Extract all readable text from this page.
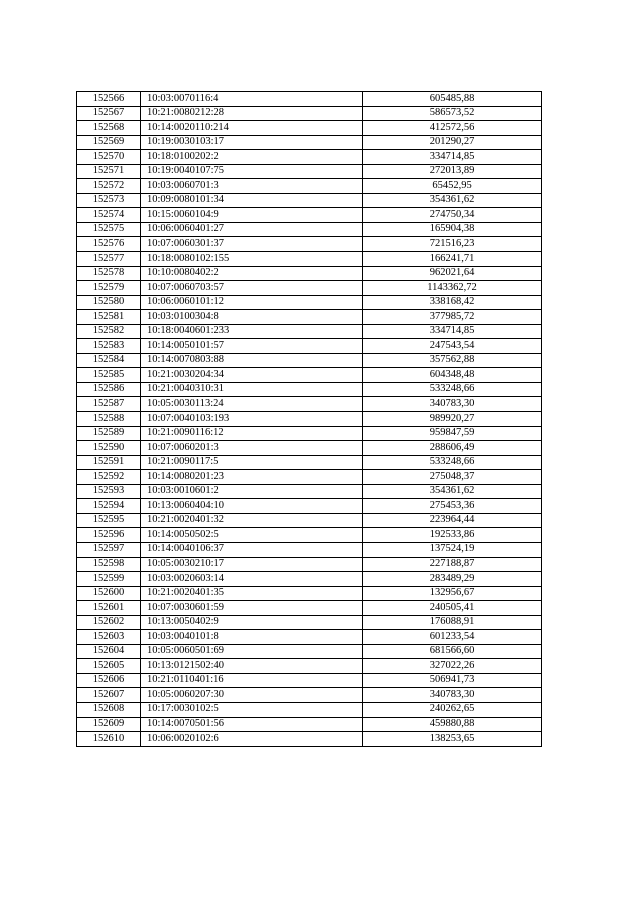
152566	10:03:0070116:4	605485,88
152567	10:21:0080212:28	586573,52
152568	10:14:0020110:214	412572,56
152569	10:19:0030103:17	201290,27
152570	10:18:0100202:2	334714,85
152571	10:19:0040107:75	272013,89
152572	10:03:0060701:3	65452,95
152573	10:09:0080101:34	354361,62
152574	10:15:0060104:9	274750,34
152575	10:06:0060401:27	165904,38
152576	10:07:0060301:37	721516,23
152577	10:18:0080102:155	166241,71
152578	10:10:0080402:2	962021,64
152579	10:07:0060703:57	1143362,72
152580	10:06:0060101:12	338168,42
152581	10:03:0100304:8	377985,72
152582	10:18:0040601:233	334714,85
152583	10:14:0050101:57	247543,54
152584	10:14:0070803:88	357562,88
152585	10:21:0030204:34	604348,48
152586	10:21:0040310:31	533248,66
152587	10:05:0030113:24	340783,30
152588	10:07:0040103:193	989920,27
152589	10:21:0090116:12	959847,59
152590	10:07:0060201:3	288606,49
152591	10:21:0090117:5	533248,66
152592	10:14:0080201:23	275048,37
152593	10:03:0010601:2	354361,62
152594	10:13:0060404:10	275453,36
152595	10:21:0020401:32	223964,44
152596	10:14:0050502:5	192533,86
152597	10:14:0040106:37	137524,19
152598	10:05:0030210:17	227188,87
152599	10:03:0020603:14	283489,29
152600	10:21:0020401:35	132956,67
152601	10:07:0030601:59	240505,41
152602	10:13:0050402:9	176088,91
152603	10:03:0040101:8	601233,54
152604	10:05:0060501:69	681566,60
152605	10:13:0121502:40	327022,26
152606	10:21:0110401:16	506941,73
152607	10:05:0060207:30	340783,30
152608	10:17:0030102:5	240262,65
152609	10:14:0070501:56	459880,88
152610	10:06:0020102:6	138253,65
